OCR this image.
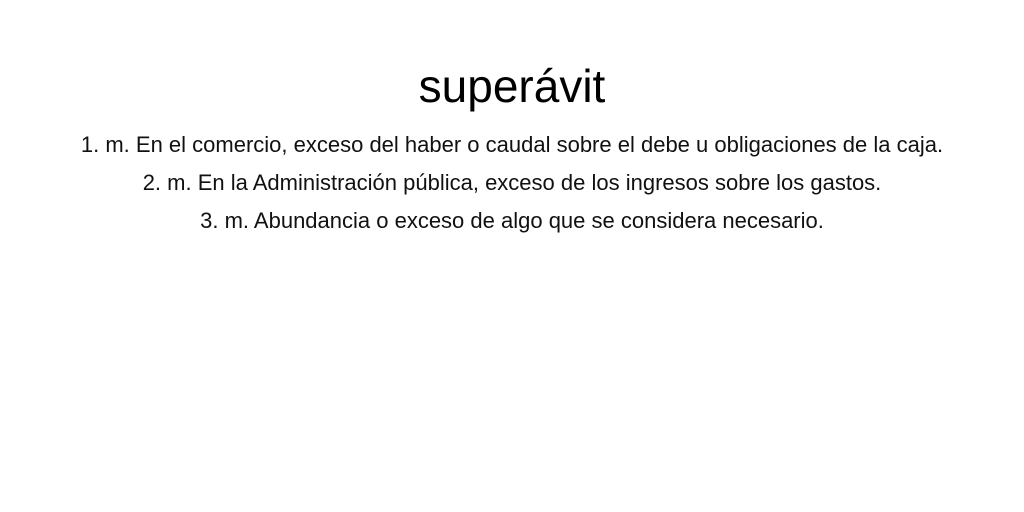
superávit
1. m. En el comercio, exceso del haber o caudal sobre el debe u obligaciones de la caja.
2. m. En la Administración pública, exceso de los ingresos sobre los gastos.
3. m. Abundancia o exceso de algo que se considera necesario.
